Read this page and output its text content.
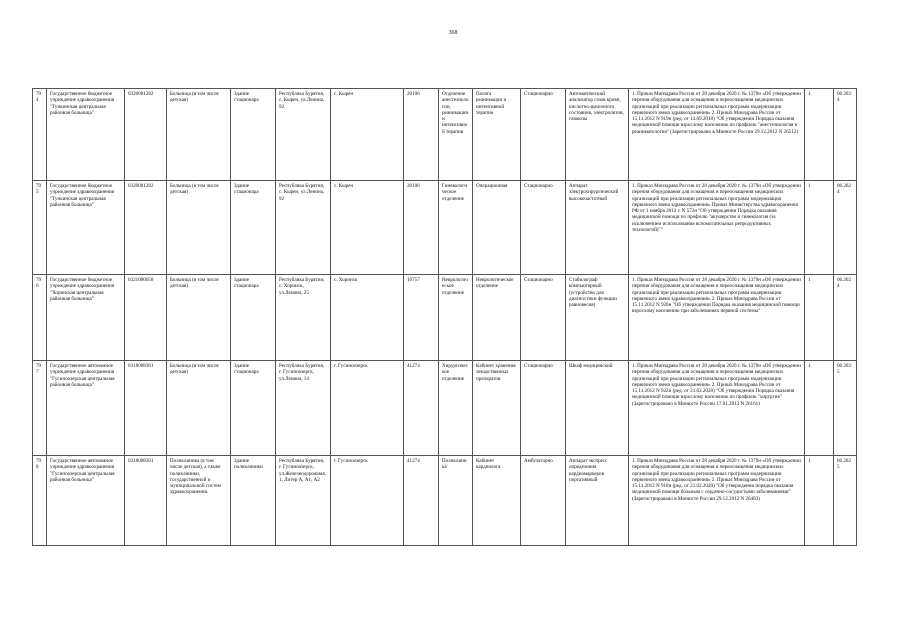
368
794	Государственное бюджетное учреждение здравоохранения "Тункинская центральная районная больница"	0320001282	Больница (в том числе детская)	Здание стационара	Республика Бурятия, с. Кырен, ул.Ленина, 92	с. Кырен	20106	Отделение анестезиологии, реанимации и интенсивной терапии	Палата реанимации и интенсивной терапии	Стационарно	Автоматический анализатор газов крови, кислотно-щелочного состояния, электролитов, глюкозы	1. Приказ Минздрава России от 28 декабря 2020 г. № 1379н «Об утверждении перечня оборудования для оснащения и переоснащения медицинских организаций при реализации региональных программ модернизации первичного звена здравоохранения» 2. Приказ Минздрава России от 15.11.2012 N 919н (ред. от 14.09.2018) "Об утверждении Порядка оказания медицинской помощи взрослому населению по профилю "анестезиология и реаниматология" (Зарегистрировано в Минюсте России 29.12.2012 N 26512)	1	06.2024
795	Государственное бюджетное учреждение здравоохранения "Тункинская центральная районная больница"	0320001282	Больница (в том числе детская)	Здание стационара	Республика Бурятия, с. Кырен, ул.Ленина, 92	с. Кырен	20106	Гинекологическое отделение	Операционная	Стационарно	Аппарат электрохирургический высокочастотный	1. Приказ Минздрава России от 28 декабря 2020 г. № 1379н «Об утверждении перечня оборудования для оснащения и переоснащения медицинских организаций при реализации региональных программ модернизации первичного звена здравоохранения» Приказ Министерства здравоохранения РФ от 1 ноября 2012 г. N 572н "Об утверждении Порядка оказания медицинской помощи по профилю "акушерство и гинекология (за исключением использования вспомогательных репродуктивных технологий)""	1	06.2024
796	Государственное бюджетное учреждение здравоохранения "Хоринская центральная районная больница"	0321000058	Больница (в том числе детская)	Здание стационара	Республика Бурятия, с. Хоринск, ул.Ленина, 25	с. Хоринск	16757	Неврологическое отделение	Неврологическое отделение	Стационарно	Стабилограф компьютерный (устройство для диагностики функции равновесия)	1. Приказ Минздрава России от 28 декабря 2020 г. № 1379н «Об утверждении перечня оборудования для оснащения и переоснащения медицинских организаций при реализации региональных программ модернизации первичного звена здравоохранения» 2. Приказ Минздрава России от 15.11.2012 N 926н "Об утверждении Порядка оказания медицинской помощи взрослому населению при заболеваниях нервной системы"	1	06.2024
797	Государственное автономное учреждение здравоохранения "Гусиноозерская центральная районная больница"	0318008361	Больница (в том числе детская)	Здание стационара	Республика Бурятия, г. Гусиноозерск, ул.Ленина, 14	г. Гусиноозерск	41274	Хирургическое отделение	Кабинет хранения лекарственных препаратов	Стационарно	Шкаф медицинский	1. Приказ Минздрава России от 28 декабря 2020 г. № 1379н «Об утверждении перечня оборудования для оснащения и переоснащения медицинских организаций при реализации региональных программ модернизации первичного звена здравоохранения» 2. Приказ Минздрава России от 15.11.2012 N 922н (ред. от 21.02.2020) "Об утверждении Порядка оказания медицинской помощи взрослому населению по профилю "хирургия" (Зарегистрировано в Минюсте России 17.01.2013 N 26161)	1	06.2025
798	Государственное автономное учреждение здравоохранения "Гусиноозерская центральная районная больница"	0318008361	Поликлиника (в том числе детская), а также поликлиники, государственной и муниципальной систем здравоохранения.	Здание поликлиники	Республика Бурятия, г. Гусиноозерск, ул.Железнодорожная, 1, Литер А, А1, А2	г. Гусиноозерск	41274	Поликлиника	Кабинет кардиолога	Амбулаторно	Аппарат экспресс определения кардиомаркеров портативный	1. Приказ Минздрава России от 28 декабря 2020 г. № 1379н «Об утверждении перечня оборудования для оснащения и переоснащения медицинских организаций при реализации региональных программ модернизации первичного звена здравоохранения» 2. Приказ Минздрава России от 15.11.2012 N 918н (ред. от 21.02.2020) "Об утверждении порядка оказания медицинской помощи больным с сердечно-сосудистыми заболеваниями" (Зарегистрировано в Минюсте России 29.12.2012 N 26483)	1	06.2025
